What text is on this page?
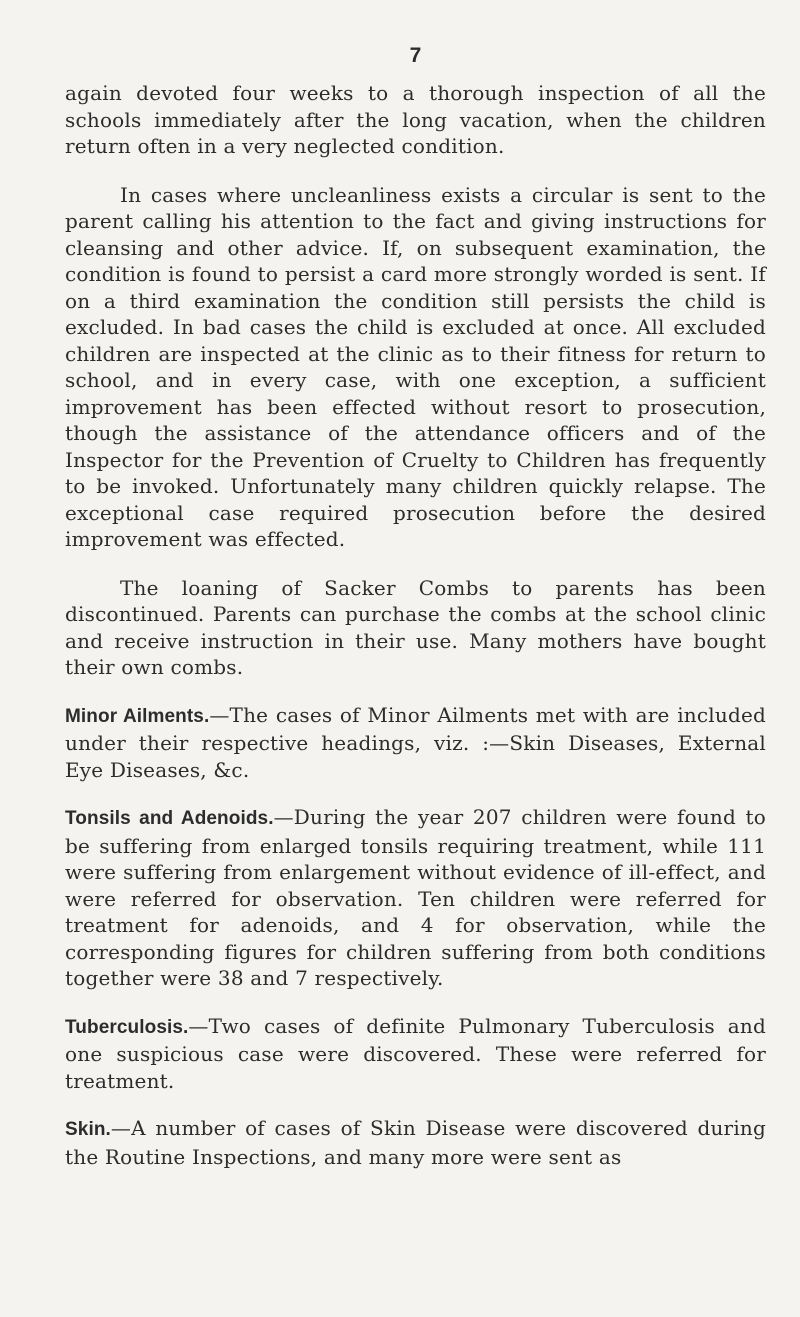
7

again devoted four weeks to a thorough inspection of all the schools immediately after the long vacation, when the children return often in a very neglected condition.

In cases where uncleanliness exists a circular is sent to the parent calling his attention to the fact and giving instructions for cleansing and other advice. If, on subsequent examination, the condition is found to persist a card more strongly worded is sent. If on a third examination the condition still persists the child is excluded. In bad cases the child is excluded at once. All excluded children are inspected at the clinic as to their fitness for return to school, and in every case, with one exception, a sufficient improvement has been effected without resort to prosecution, though the assistance of the attendance officers and of the Inspector for the Prevention of Cruelty to Children has frequently to be invoked. Unfortunately many children quickly relapse. The exceptional case required prosecution before the desired improvement was effected.

The loaning of Sacker Combs to parents has been discontinued. Parents can purchase the combs at the school clinic and receive instruction in their use. Many mothers have bought their own combs.

Minor Ailments.—The cases of Minor Ailments met with are included under their respective headings, viz. :—Skin Diseases, External Eye Diseases, &c.

Tonsils and Adenoids.—During the year 207 children were found to be suffering from enlarged tonsils requiring treatment, while 111 were suffering from enlargement without evidence of ill-effect, and were referred for observation. Ten children were referred for treatment for adenoids, and 4 for observation, while the corresponding figures for children suffering from both conditions together were 38 and 7 respectively.

Tuberculosis.—Two cases of definite Pulmonary Tuberculosis and one suspicious case were discovered. These were referred for treatment.

Skin.—A number of cases of Skin Disease were discovered during the Routine Inspections, and many more were sent as
